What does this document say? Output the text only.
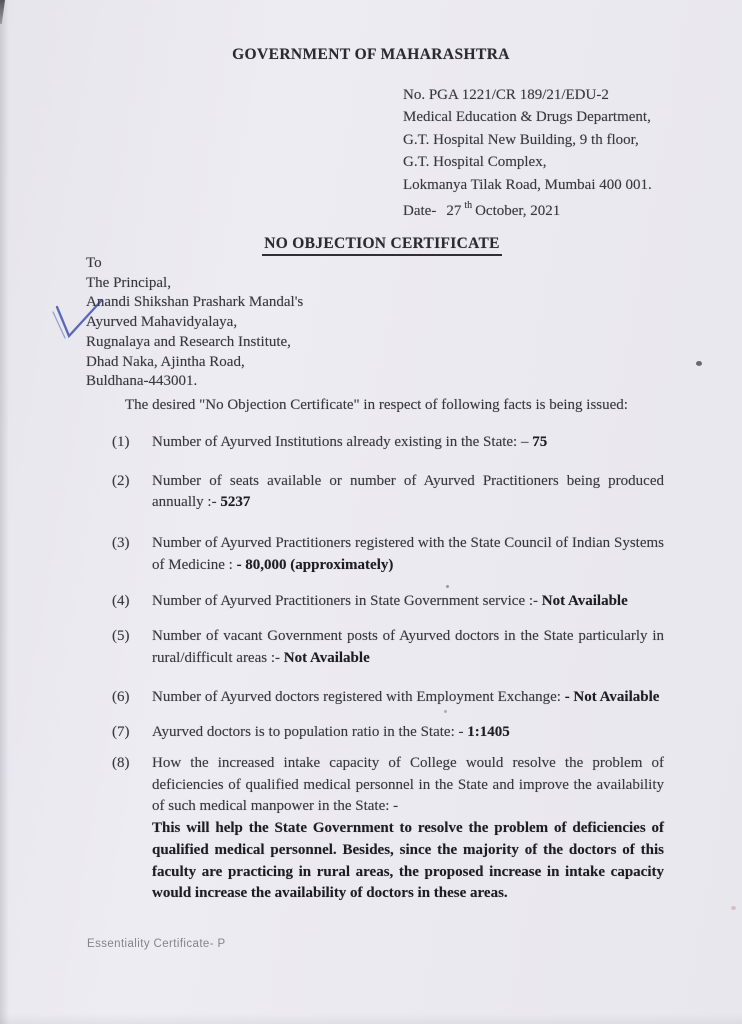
GOVERNMENT OF MAHARASHTRA
No. PGA 1221/CR 189/21/EDU-2
Medical Education & Drugs Department,
G.T. Hospital New Building, 9 th floor,
G.T. Hospital Complex,
Lokmanya Tilak Road, Mumbai 400 001.
Date- 27 $^{th}$ October, 2021
NO OBJECTION CERTIFICATE
To
The Principal,
Anandi Shikshan Prashark Mandal's
Ayurved Mahavidyalaya,
Rugnalaya and Research Institute,
Dhad Naka, Ajintha Road,
Buldhana-443001.
The desired "No Objection Certificate" in respect of following facts is being issued:
(1)	Number of Ayurved Institutions already existing in the State: – 75
(2)	Number of seats available or number of Ayurved Practitioners being produced annually :- 5237
(3)	Number of Ayurved Practitioners registered with the State Council of Indian Systems of Medicine : - 80,000 (approximately)
(4)	Number of Ayurved Practitioners in State Government service :- Not Available
(5)	Number of vacant Government posts of Ayurved doctors in the State particularly in rural/difficult areas :- Not Available
(6)	Number of Ayurved doctors registered with Employment Exchange: - Not Available
(7)	Ayurved doctors is to population ratio in the State: - 1:1405
(8)	How the increased intake capacity of College would resolve the problem of deficiencies of qualified medical personnel in the State and improve the availability of such medical manpower in the State: -
This will help the State Government to resolve the problem of deficiencies of qualified medical personnel. Besides, since the majority of the doctors of this faculty are practicing in rural areas, the proposed increase in intake capacity would increase the availability of doctors in these areas.
Essentiality Certificate- P
